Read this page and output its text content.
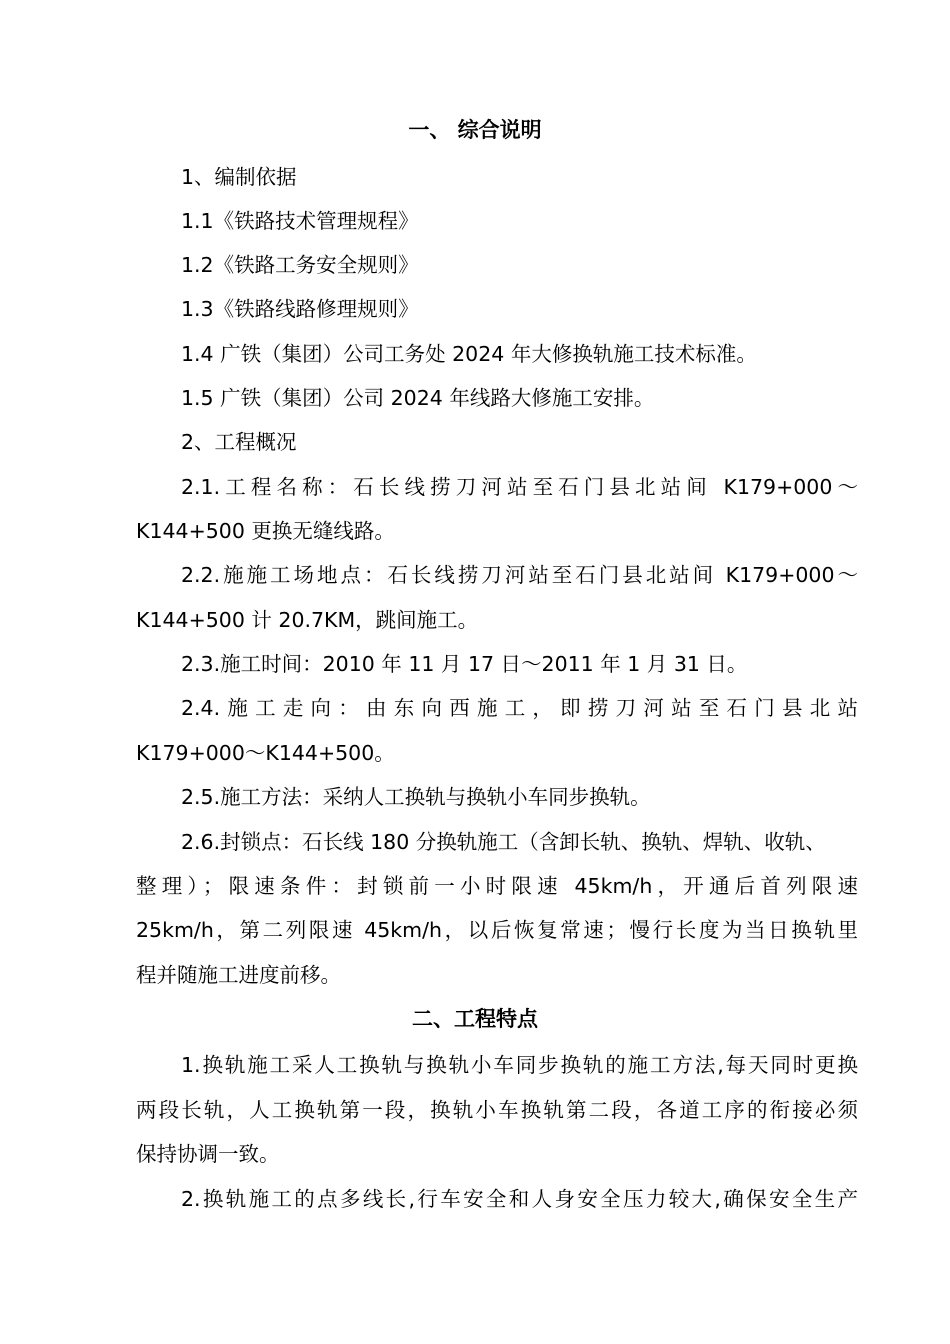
一、 综合说明
1、编制依据
1.1《铁路技术管理规程》
1.2《铁路工务安全规则》
1.3《铁路线路修理规则》
1.4 广铁（集团）公司工务处 2024 年大修换轨施工技术标准。
1.5 广铁（集团）公司 2024 年线路大修施工安排。
2、工程概况
2.1.工程名称：石长线捞刀河站至石门县北站间 K179+000～
K144+500 更换无缝线路。
2.2.施施工场地点：石长线捞刀河站至石门县北站间 K179+000～
K144+500 计 20.7KM，跳间施工。
2.3.施工时间：2010 年 11 月 17 日～2011 年 1 月 31 日。
2.4.施工走向：由东向西施工，即捞刀河站至石门县北站
K179+000～K144+500。
2.5.施工方法：采纳人工换轨与换轨小车同步换轨。
2.6.封锁点：石长线 180 分换轨施工（含卸长轨、换轨、焊轨、收轨、
整理）；限速条件：封锁前一小时限速 45km/h，开通后首列限速
25km/h，第二列限速 45km/h，以后恢复常速；慢行长度为当日换轨里
程并随施工进度前移。
二、工程特点
1.换轨施工采人工换轨与换轨小车同步换轨的施工方法,每天同时更换
两段长轨，人工换轨第一段，换轨小车换轨第二段，各道工序的衔接必须
保持协调一致。
2.换轨施工的点多线长,行车安全和人身安全压力较大,确保安全生产
